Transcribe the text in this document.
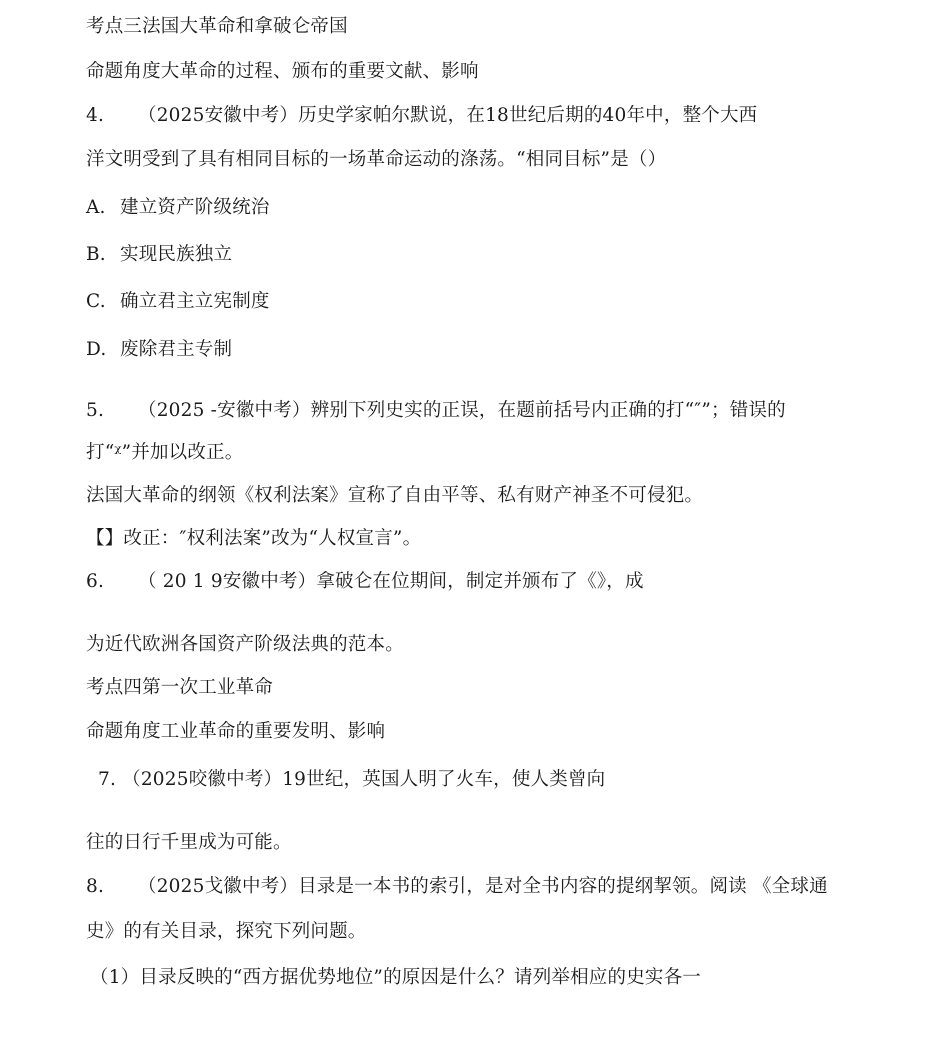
考点三法国大革命和拿破仑帝国
命题角度大革命的过程、颁布的重要文献、影响
4. （2025安徽中考）历史学家帕尔默说，在18世纪后期的40年中，整个大西
洋文明受到了具有相同目标的一场革命运动的涤荡。“相同目标”是（）
A. 建立资产阶级统治
B. 实现民族独立
C. 确立君主立宪制度
D. 废除君主专制
5. （2025 -安徽中考）辨别下列史实的正误，在题前括号内正确的打“″”；错误的
打“ᵡ”并加以改正。
法国大革命的纲领《权利法案》宣称了自由平等、私有财产神圣不可侵犯。
【】改正：″权利法案”改为“人权宣言”。
6. （ 20 1 9安徽中考）拿破仑在位期间，制定并颁布了《》，成
为近代欧洲各国资产阶级法典的范本。
考点四第一次工业革命
命题角度工业革命的重要发明、影响
7. （2025咬徽中考）19世纪，英国人明了火车，使人类曾向
往的日行千里成为可能。
8. （2025戈徽中考）目录是一本书的索引，是对全书内容的提纲挈领。阅读 《全球通
史》的有关目录，探究下列问题。
（1）目录反映的“西方据优势地位”的原因是什么？请列举相应的史实各一
